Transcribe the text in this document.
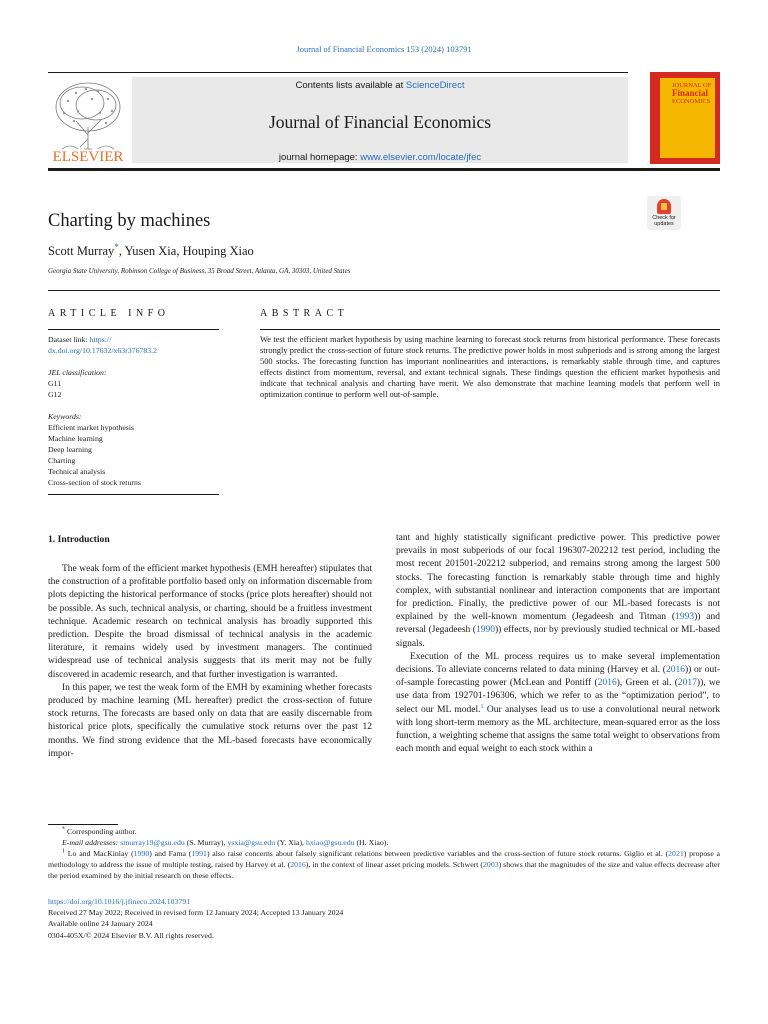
Journal of Financial Economics 153 (2024) 103791
ELSEVIER
Contents lists available at ScienceDirect
Journal of Financial Economics
journal homepage: www.elsevier.com/locate/jfec
JOURNAL OF
Financial
ECONOMICS
Check for updates
Charting by machines
Scott Murray*, Yusen Xia, Houping Xiao
Georgia State University, Robinson College of Business, 35 Broad Street, Atlanta, GA, 30303, United States
ARTICLE INFO	ABSTRACT
Dataset link: https://
dx.doi.org/10.17632/x63r376783.2
JEL classification:
G11
G12
Keywords:
Efficient market hypothesis
Machine learning
Deep learning
Charting
Technical analysis
Cross-section of stock returns
We test the efficient market hypothesis by using machine learning to forecast stock returns from historical performance. These forecasts strongly predict the cross-section of future stock returns. The predictive power holds in most subperiods and is strong among the largest 500 stocks. The forecasting function has important nonlinearities and interactions, is remarkably stable through time, and captures effects distinct from momentum, reversal, and extant technical signals. These findings question the efficient market hypothesis and indicate that technical analysis and charting have merit. We also demonstrate that machine learning models that perform well in optimization continue to perform well out-of-sample.
1. Introduction

The weak form of the efficient market hypothesis (EMH hereafter) stipulates that the construction of a profitable portfolio based only on information discernable from plots depicting the historical performance of stocks (price plots hereafter) should not be possible. As such, technical analysis, or charting, should be a fruitless investment technique. Academic research on technical analysis has broadly supported this prediction. Despite the broad dismissal of technical analysis in the academic literature, it remains widely used by investment managers. The continued widespread use of technical analysis suggests that its merit may not be fully discovered in academic research, and that further investigation is warranted.

In this paper, we test the weak form of the EMH by examining whether forecasts produced by machine learning (ML hereafter) predict the cross-section of future stock returns. The forecasts are based only on data that are easily discernable from historical price plots, specifically the cumulative stock returns over the past 12 months. We find strong evidence that the ML-based forecasts have economically impor-

tant and highly statistically significant predictive power. This predictive power prevails in most subperiods of our focal 196307-202212 test period, including the most recent 201501-202212 subperiod, and remains strong among the largest 500 stocks. The forecasting function is remarkably stable through time and highly complex, with substantial nonlinear and interaction components that are important for prediction. Finally, the predictive power of our ML-based forecasts is not explained by the well-known momentum (Jegadeesh and Titman (1993)) and reversal (Jegadeesh (1990)) effects, nor by previously studied technical or ML-based signals.

Execution of the ML process requires us to make several implementation decisions. To alleviate concerns related to data mining (Harvey et al. (2016)) or out-of-sample forecasting power (McLean and Pontiff (2016), Green et al. (2017)), we use data from 192701-196306, which we refer to as the “optimization period”, to select our ML model.$^1$ Our analyses lead us to use a convolutional neural network with long short-term memory as the ML architecture, mean-squared error as the loss function, a weighting scheme that assigns the same total weight to observations from each month and equal weight to each stock within a

* Corresponding author.

E-mail addresses: smurray19@gsu.edu (S. Murray), ysxia@gsu.edu (Y. Xia), hxiao@gsu.edu (H. Xiao).

$^1$ Lo and MacKinlay (1990) and Fama (1991) also raise concerns about falsely significant relations between predictive variables and the cross-section of future stock returns. Giglio et al. (2021) propose a methodology to address the issue of multiple testing, raised by Harvey et al. (2016), in the context of linear asset pricing models. Schwert (2003) shows that the magnitudes of the size and value effects decrease after the period examined by the initial research on these effects.

https://doi.org/10.1016/j.jfineco.2024.103791
Received 27 May 2022; Received in revised form 12 January 2024; Accepted 13 January 2024
Available online 24 January 2024
0304-405X/© 2024 Elsevier B.V. All rights reserved.
